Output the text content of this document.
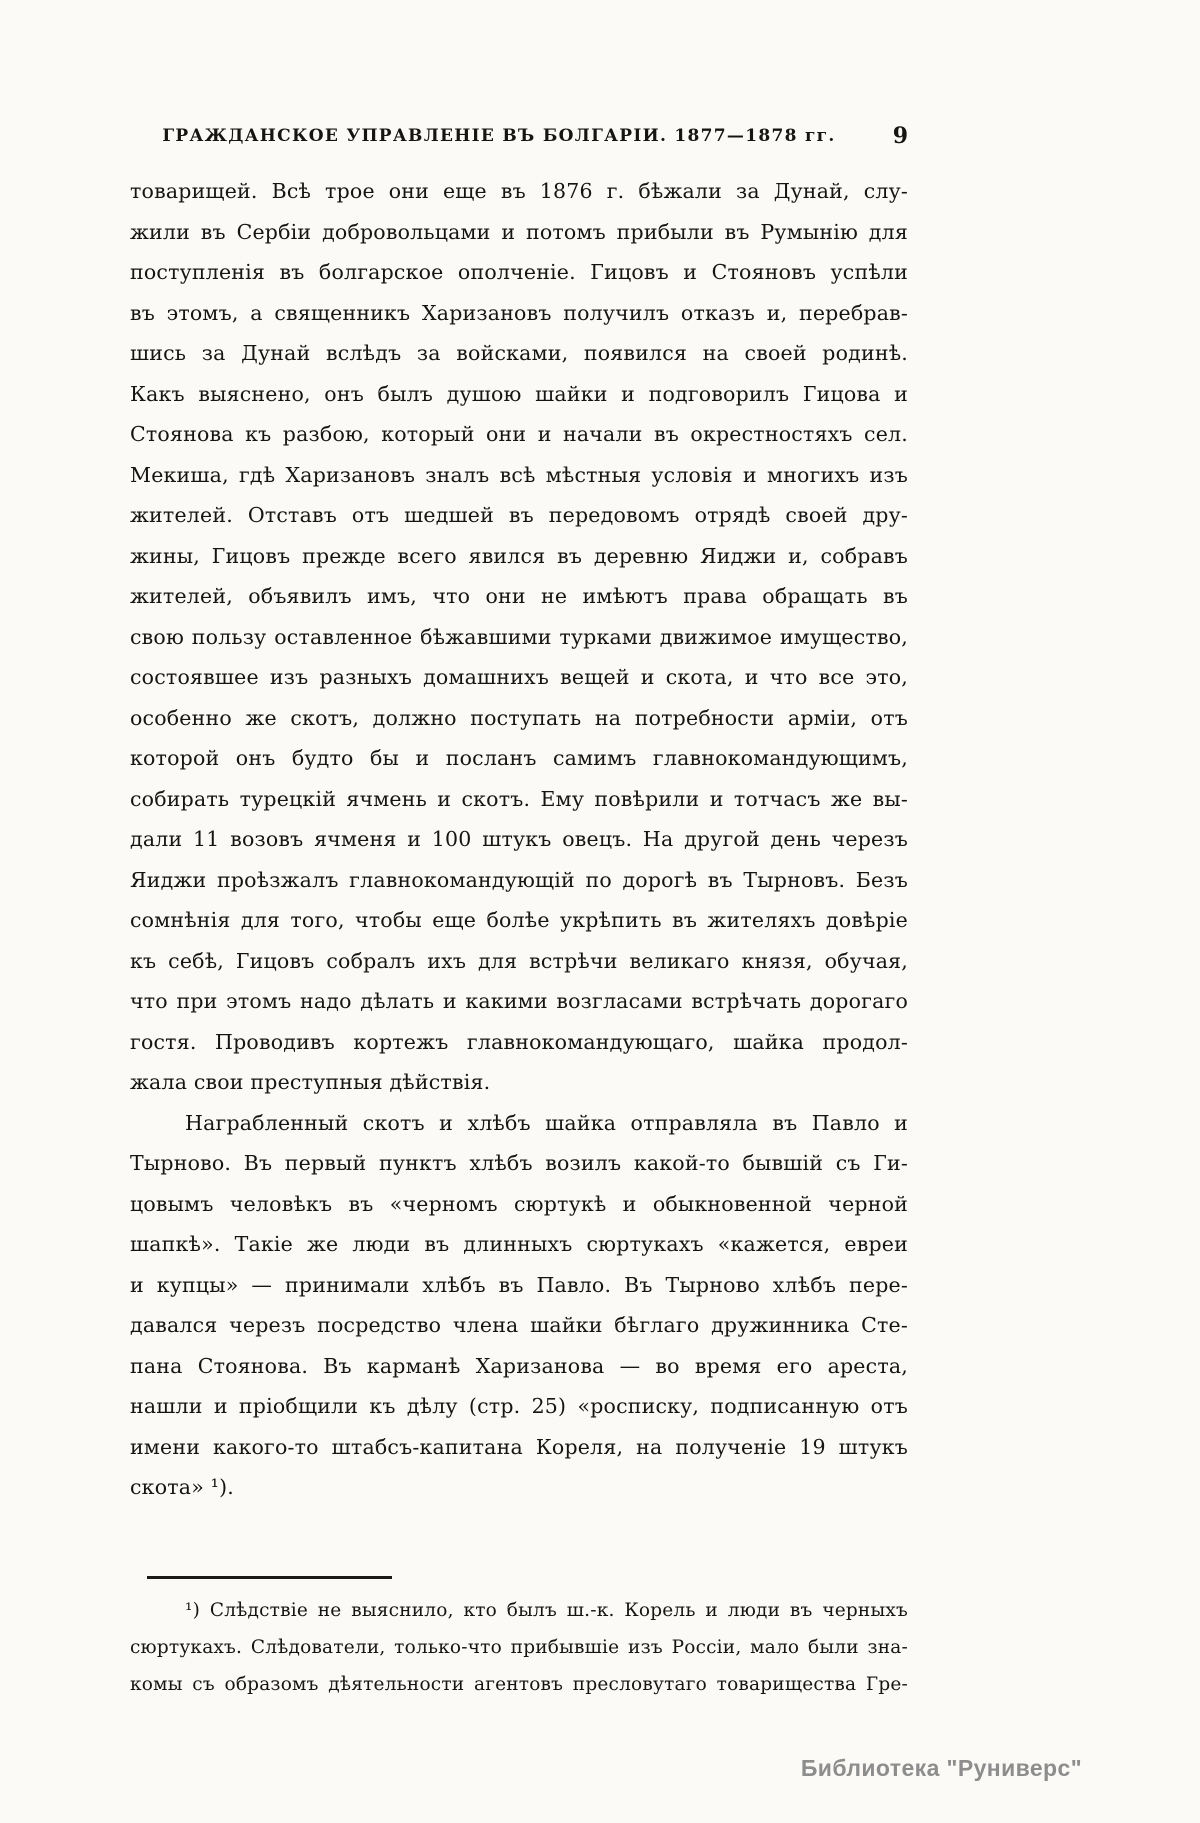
ГРАЖДАНСКОЕ УПРАВЛЕНІЕ ВЪ БОЛГАРІИ. 1877—1878 гг.	9
товарищей. Всѣ трое они еще въ 1876 г. бѣжали за Дунай, слу-
жили въ Сербіи добровольцами и потомъ прибыли въ Румынію для
поступленія въ болгарское ополченіе. Гицовъ и Стояновъ успѣли
въ этомъ, а священникъ Харизановъ получилъ отказъ и, перебрав-
шись за Дунай вслѣдъ за войсками, появился на своей родинѣ.
Какъ выяснено, онъ былъ душою шайки и подговорилъ Гицова и
Стоянова къ разбою, который они и начали въ окрестностяхъ сел.
Мекиша, гдѣ Харизановъ зналъ всѣ мѣстныя условія и многихъ изъ
жителей. Отставъ отъ шедшей въ передовомъ отрядѣ своей дру-
жины, Гицовъ прежде всего явился въ деревню Яиджи и, собравъ
жителей, объявилъ имъ, что они не имѣютъ права обращать въ
свою пользу оставленное бѣжавшими турками движимое имущество,
состоявшее изъ разныхъ домашнихъ вещей и скота, и что все это,
особенно же скотъ, должно поступать на потребности арміи, отъ
которой онъ будто бы и посланъ самимъ главнокомандующимъ,
собирать турецкій ячмень и скотъ. Ему повѣрили и тотчасъ же вы-
дали 11 возовъ ячменя и 100 штукъ овецъ. На другой день черезъ
Яиджи проѣзжалъ главнокомандующій по дорогѣ въ Тырновъ. Безъ
сомнѣнія для того, чтобы еще болѣе укрѣпить въ жителяхъ довѣріе
къ себѣ, Гицовъ собралъ ихъ для встрѣчи великаго князя, обучая,
что при этомъ надо дѣлать и какими возгласами встрѣчать дорогаго
гостя. Проводивъ кортежъ главнокомандующаго, шайка продол-
жала свои преступныя дѣйствія.
Награбленный скотъ и хлѣбъ шайка отправляла въ Павло и
Тырново. Въ первый пунктъ хлѣбъ возилъ какой-то бывшій съ Ги-
цовымъ человѣкъ въ «черномъ сюртукѣ и обыкновенной черной
шапкѣ». Такіе же люди въ длинныхъ сюртукахъ «кажется, евреи
и купцы» — принимали хлѣбъ въ Павло. Въ Тырново хлѣбъ пере-
давался черезъ посредство члена шайки бѣглаго дружинника Сте-
пана Стоянова. Въ карманѣ Харизанова — во время его ареста,
нашли и пріобщили къ дѣлу (стр. 25) «росписку, подписанную отъ
имени какого-то штабсъ-капитана Кореля, на полученіе 19 штукъ
скота» ¹).
¹) Слѣдствіе не выяснило, кто былъ ш.-к. Корель и люди въ черныхъ
сюртукахъ. Слѣдователи, только-что прибывшіе изъ Россіи, мало были зна-
комы съ образомъ дѣятельности агентовъ пресловутаго товарищества Гре-
Библиотека "Руниверс"
